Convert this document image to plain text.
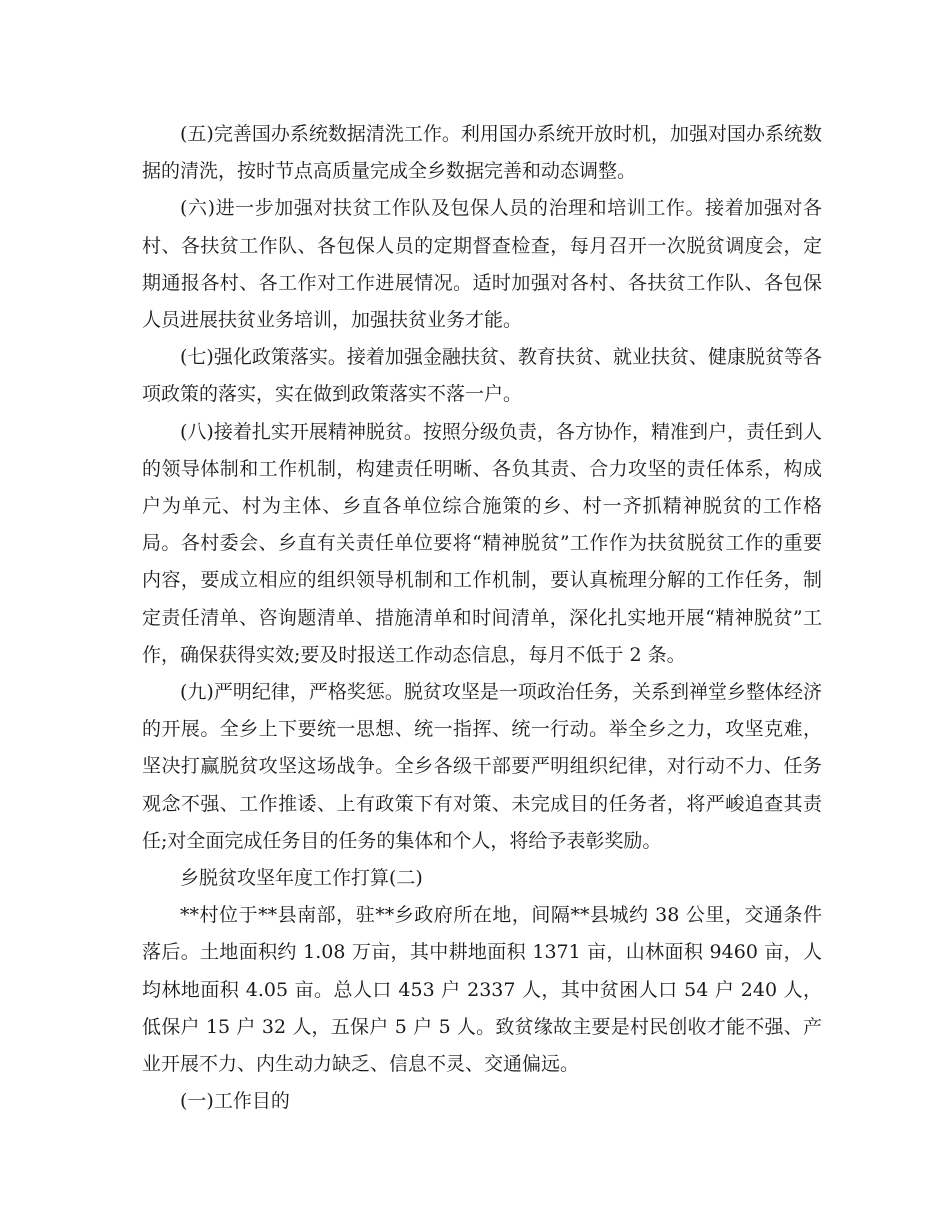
(五)完善国办系统数据清洗工作。利用国办系统开放时机，加强对国办系统数据的清洗，按时节点高质量完成全乡数据完善和动态调整。

(六)进一步加强对扶贫工作队及包保人员的治理和培训工作。接着加强对各村、各扶贫工作队、各包保人员的定期督查检查，每月召开一次脱贫调度会，定期通报各村、各工作对工作进展情况。适时加强对各村、各扶贫工作队、各包保人员进展扶贫业务培训，加强扶贫业务才能。

(七)强化政策落实。接着加强金融扶贫、教育扶贫、就业扶贫、健康脱贫等各项政策的落实，实在做到政策落实不落一户。

(八)接着扎实开展精神脱贫。按照分级负责，各方协作，精准到户，责任到人的领导体制和工作机制，构建责任明晰、各负其责、合力攻坚的责任体系，构成户为单元、村为主体、乡直各单位综合施策的乡、村一齐抓精神脱贫的工作格局。各村委会、乡直有关责任单位要将“精神脱贫”工作作为扶贫脱贫工作的重要内容，要成立相应的组织领导机制和工作机制，要认真梳理分解的工作任务，制定责任清单、咨询题清单、措施清单和时间清单，深化扎实地开展“精神脱贫”工作，确保获得实效;要及时报送工作动态信息，每月不低于 2 条。

(九)严明纪律，严格奖惩。脱贫攻坚是一项政治任务，关系到禅堂乡整体经济的开展。全乡上下要统一思想、统一指挥、统一行动。举全乡之力，攻坚克难，坚决打赢脱贫攻坚这场战争。全乡各级干部要严明组织纪律，对行动不力、任务观念不强、工作推诿、上有政策下有对策、未完成目的任务者，将严峻追查其责任;对全面完成任务目的任务的集体和个人，将给予表彰奖励。

乡脱贫攻坚年度工作打算(二)

**村位于**县南部，驻**乡政府所在地，间隔**县城约 38 公里，交通条件落后。土地面积约 1.08 万亩，其中耕地面积 1371 亩，山林面积 9460 亩，人均林地面积 4.05 亩。总人口 453 户 2337 人，其中贫困人口 54 户 240 人，低保户 15 户 32 人，五保户 5 户 5 人。致贫缘故主要是村民创收才能不强、产业开展不力、内生动力缺乏、信息不灵、交通偏远。

(一)工作目的
